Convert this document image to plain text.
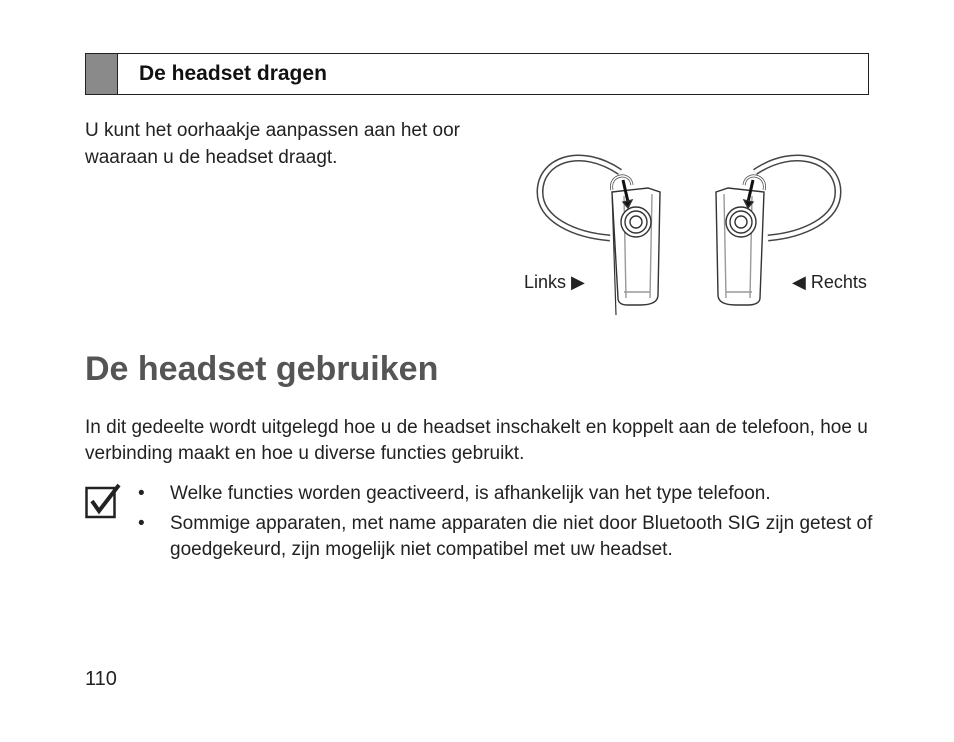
De headset dragen

U kunt het oorhaakje aanpassen aan het oor waaraan u de headset draagt.

Links ▶	◀ Rechts
De headset gebruiken

In dit gedeelte wordt uitgelegd hoe u de headset inschakelt en koppelt aan de telefoon, hoe u verbinding maakt en hoe u diverse functies gebruikt.

• Welke functies worden geactiveerd, is afhankelijk van het type telefoon.
• Sommige apparaten, met name apparaten die niet door Bluetooth SIG zijn getest of goedgekeurd, zijn mogelijk niet compatibel met uw headset.
110
